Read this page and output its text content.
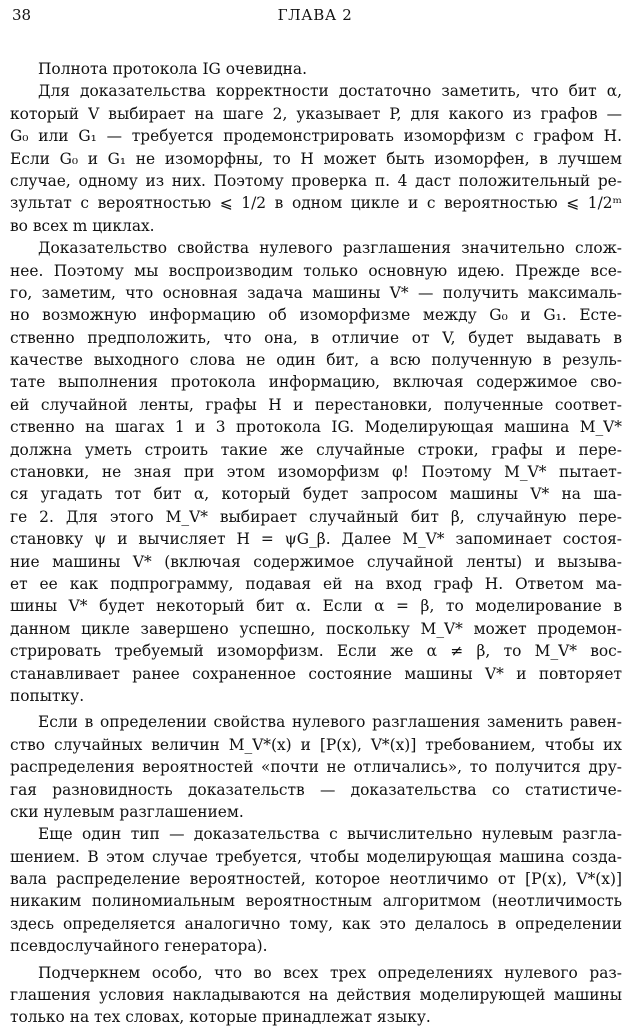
38	ГЛАВА 2
Полнота протокола IG очевидна.
Для доказательства корректности достаточно заметить, что бит α,
который V выбирает на шаге 2, указывает P, для какого из графов —
G₀ или G₁ — требуется продемонстрировать изоморфизм с графом H.
Если G₀ и G₁ не изоморфны, то H может быть изоморфен, в лучшем
случае, одному из них. Поэтому проверка п. 4 даст положительный ре-
зультат с вероятностью ⩽ 1/2 в одном цикле и с вероятностью ⩽ 1/2ᵐ
во всех m циклах.
Доказательство свойства нулевого разглашения значительно слож-
нее. Поэтому мы воспроизводим только основную идею. Прежде все-
го, заметим, что основная задача машины V* — получить максималь-
но возможную информацию об изоморфизме между G₀ и G₁. Есте-
ственно предположить, что она, в отличие от V, будет выдавать в
качестве выходного слова не один бит, а всю полученную в резуль-
тате выполнения протокола информацию, включая содержимое сво-
ей случайной ленты, графы H и перестановки, полученные соответ-
ственно на шагах 1 и 3 протокола IG. Моделирующая машина M_V*
должна уметь строить такие же случайные строки, графы и пере-
становки, не зная при этом изоморфизм φ! Поэтому M_V* пытает-
ся угадать тот бит α, который будет запросом машины V* на ша-
ге 2. Для этого M_V* выбирает случайный бит β, случайную пере-
становку ψ и вычисляет H = ψG_β. Далее M_V* запоминает состоя-
ние машины V* (включая содержимое случайной ленты) и вызыва-
ет ее как подпрограмму, подавая ей на вход граф H. Ответом ма-
шины V* будет некоторый бит α. Если α = β, то моделирование в
данном цикле завершено успешно, поскольку M_V* может продемон-
стрировать требуемый изоморфизм. Если же α ≠ β, то M_V* вос-
станавливает ранее сохраненное состояние машины V* и повторяет
попытку.
Если в определении свойства нулевого разглашения заменить равен-
ство случайных величин M_V*(x) и [P(x), V*(x)] требованием, чтобы их
распределения вероятностей «почти не отличались», то получится дру-
гая разновидность доказательств — доказательства со статистиче-
ски нулевым разглашением.
Еще один тип — доказательства с вычислительно нулевым разгла-
шением. В этом случае требуется, чтобы моделирующая машина созда-
вала распределение вероятностей, которое неотличимо от [P(x), V*(x)]
никаким полиномиальным вероятностным алгоритмом (неотличимость
здесь определяется аналогично тому, как это делалось в определении
псевдослучайного генератора).
Подчеркнем особо, что во всех трех определениях нулевого раз-
глашения условия накладываются на действия моделирующей машины
только на тех словах, которые принадлежат языку.
